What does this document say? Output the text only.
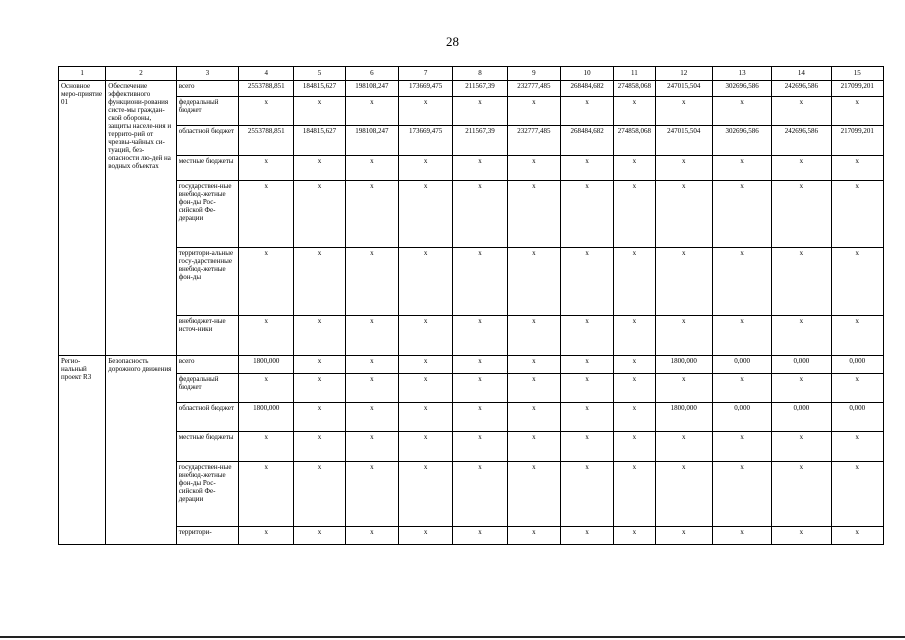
28
1	2	3	4	5	6	7	8	9	10	11	12	13	14	15
Основное меро-приятие 01	Обеспечение эффективного функциони-рования систе-мы граждан-ской обороны, защиты населе-ния и террито-рий от чрезвы-чайных си-туаций, без-опасности лю-дей на водных объектах	всего	2553788,851	184815,627	198108,247	173669,475	211567,39	232777,485	268484,682	274858,068	247015,504	302696,586	242696,586	217099,201
		федеральный бюджет	x	x	x	x	x	x	x	x	x	x	x	x
		областной бюджет	2553788,851	184815,627	198108,247	173669,475	211567,39	232777,485	268484,682	274858,068	247015,504	302696,586	242696,586	217099,201
		местные бюджеты	x	x	x	x	x	x	x	x	x	x	x	x
		государствен-ные внебюд-жетные фон-ды Рос-сийской Фе-дерации	x	x	x	x	x	x	x	x	x	x	x	x
		территори-альные госу-дарственные внебюд-жетные фон-ды	x	x	x	x	x	x	x	x	x	x	x	x
		внебюджет-ные источ-ники	x	x	x	x	x	x	x	x	x	x	x	x
Регио-нальный проект R3	Безопасность дорожного движения	всего	1800,000	x	x	x	x	x	x	x	1800,000	0,000	0,000	0,000
		федеральный бюджет	x	x	x	x	x	x	x	x	x	x	x	x
		областной бюджет	1800,000	x	x	x	x	x	x	x	1800,000	0,000	0,000	0,000
		местные бюджеты	x	x	x	x	x	x	x	x	x	x	x	x
		государствен-ные внебюд-жетные фон-ды Рос-сийской Фе-дерации	x	x	x	x	x	x	x	x	x	x	x	x
		территори-	x	x	x	x	x	x	x	x	x	x	x	x
